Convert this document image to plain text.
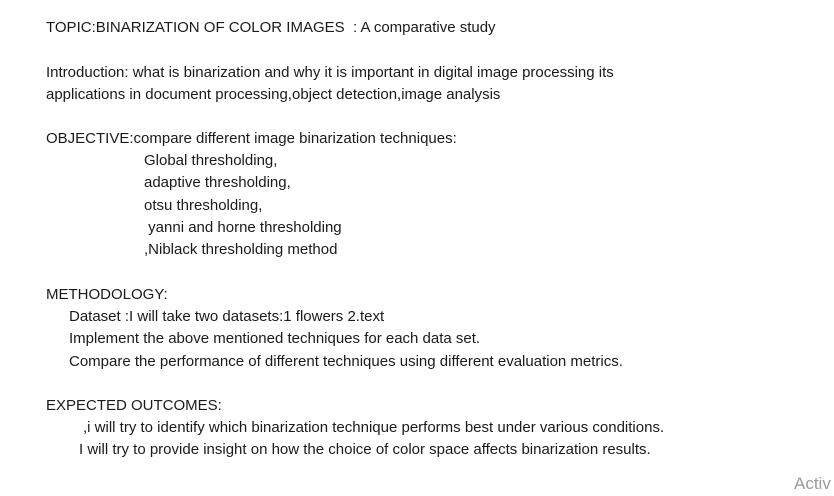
TOPIC:BINARIZATION OF COLOR IMAGES  : A comparative study
Introduction: what is binarization and why it is important in digital image processing its
applications in document processing,object detection,image analysis
OBJECTIVE:compare different image binarization techniques:
Global thresholding,
adaptive thresholding,
otsu thresholding,
yanni and horne thresholding
,Niblack thresholding method
METHODOLOGY:
Dataset :I will take two datasets:1 flowers 2.text
Implement the above mentioned techniques for each data set.
Compare the performance of different techniques using different evaluation metrics.
EXPECTED OUTCOMES:
,i will try to identify which binarization technique performs best under various conditions.
I will try to provide insight on how the choice of color space affects binarization results.
Activ
